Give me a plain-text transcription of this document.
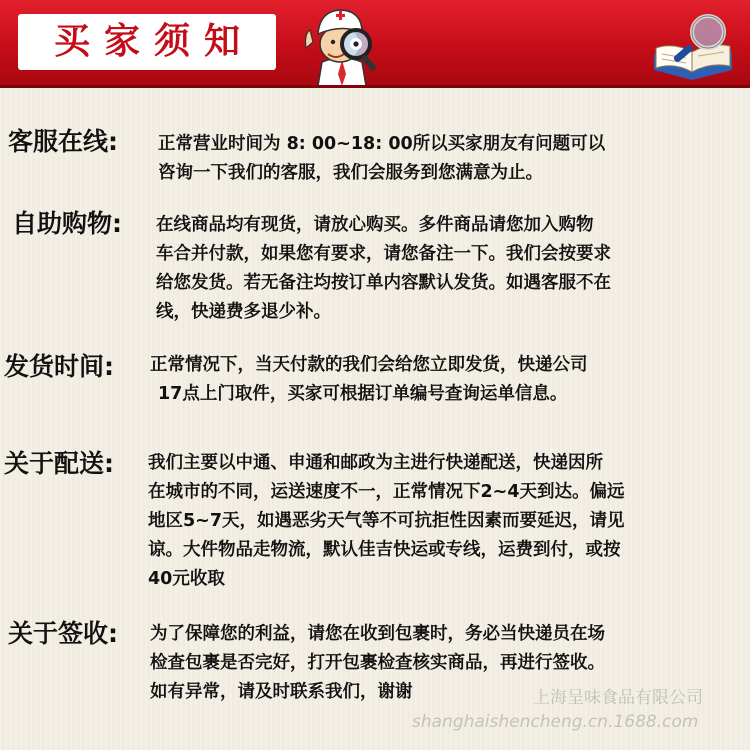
买家须知
客服在线: 正常营业时间为 8: 00~18: 00所以买家朋友有问题可以
咨询一下我们的客服，我们会服务到您满意为止。
自助购物: 在线商品均有现货，请放心购买。多件商品请您加入购物
车合并付款，如果您有要求，请您备注一下。我们会按要求
给您发货。若无备注均按订单内容默认发货。如遇客服不在
线，快递费多退少补。
发货时间: 正常情况下，当天付款的我们会给您立即发货，快递公司
17点上门取件，买家可根据订单编号查询运单信息。
关于配送: 我们主要以中通、申通和邮政为主进行快递配送，快递因所
在城市的不同，运送速度不一，正常情况下2~4天到达。偏远
地区5~7天，如遇恶劣天气等不可抗拒性因素而要延迟，请见
谅。大件物品走物流，默认佳吉快运或专线，运费到付，或按
40元收取
关于签收: 为了保障您的利益，请您在收到包裹时，务必当快递员在场
检查包裹是否完好，打开包裹检查核实商品，再进行签收。
如有异常，请及时联系我们，谢谢	上海呈味食品有限公司
shanghaishencheng.cn.1688.com
